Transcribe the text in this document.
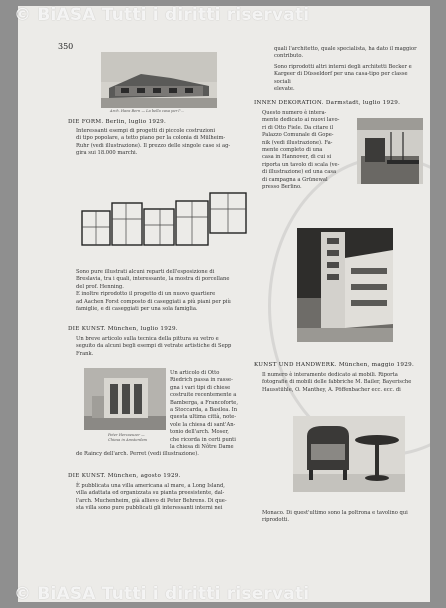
© BiASA Tutti i diritti riservati
© BiASA Tutti i diritti riservati
350
Arch. Hans Bern — La bella casa per l'...
DIE FORM. Berlin, luglio 1929.
Interessanti esempi di progetti di piccole costruzioni
di tipo popolare, a tetto piano per la colonia di Mülheim-
Ruhr (vedi illustrazione). Il prezzo delle singole case si ag-
gira sui 18.000 marchi.
Sono pure illustrati alcuni reparti dell'esposizione di
Breslavia, tra i quali, interessante, la mostra di porcellane
del prof. Henning.
E inoltre riprodotto il progetto di un nuovo quartiere
ad Aachen Forst composto di caseggiati a più piani per più
famiglie, e di caseggiati per una sola famiglia.
DIE KUNST. München, luglio 1929.
Un breve articolo sulla tecnica della pittura su vetro e
seguito da alcuni begli esempi di vetrate artistiche di Sepp
Frank.
Peter Herzaeuzer — Chiesa in Amsterdam
Un articolo di Otto
Riedrich passa in rasse-
gna i vari tipi di chiese
costruite recentemente a
Bamberga, a Francoforte,
a Stoccarda, a Basilea. In
questa ultima città, note-
vole la chiesa di sant'An-
tonio dell'arch. Moser,
che ricorda in certi punti
la chiesa di Nôtre Dame
de Raincy dell'arch. Perret (vedi illustrazione).
DIE KUNST. München, agosto 1929.
È pubblicata una villa americana al mare, a Long Island,
villa adattata ed organizzata su pianta preesistente, dal-
l'arch. Muchenheim, già allievo di Peter Behrens. Di que-
sta villa sono pure pubblicati gli interessanti interni nei
quali l'architetto, quale specialista, ha dato il maggior
contributo.
Sono riprodotti altri interni degli architetti Becker e
Kargeer di Düsseldorf per una casa-tipo per classe sociali
elevate.
INNEN DEKORATION. Darmstadt, luglio 1929.
Questo numero è intera-
mente dedicato ai nuovi lavo-
ri di Otto Fiele. Da citare il
Palazzo Comunale di Gope-
nik (vedi illustrazione). Fa-
mente completo di una
casa in Hannover, di cui si
riporta un tavolo di scala (ve-
di illustrazione) ed una casa
di campagna a Grünewal
presso Berlino.
KUNST UND HANDWERK. München, maggio 1929.
Il numero è interamente dedicato ai mobili. Riporta
fotografie di mobili delle fabbriche M. Bailer, Bayerische
Hausstühle, O. Manthey, A. Pöffenbacher ecc. ecc. di
Monaco. Di quest'ultimo sono la poltrona e tavolino qui
riprodotti.
